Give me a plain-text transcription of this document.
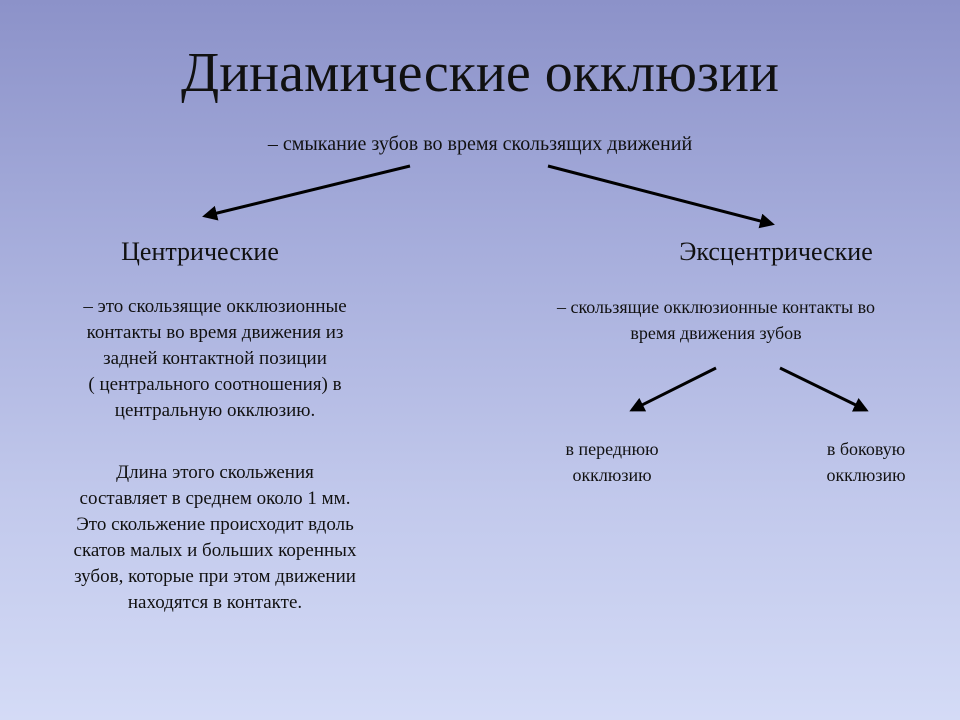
Динамические окклюзии
– смыкание зубов во время скользящих движений
Центрические	Эксцентрические
– это скользящие окклюзионные
контакты во время движения из
задней контактной позиции
( центрального соотношения) в
центральную окклюзию.
Длина этого скольжения
составляет в среднем около 1 мм.
Это скольжение происходит вдоль
скатов малых и больших коренных
зубов, которые при этом движении
находятся в контакте.
– скользящие окклюзионные контакты во
время движения зубов
в переднюю
окклюзию
в боковую
окклюзию
